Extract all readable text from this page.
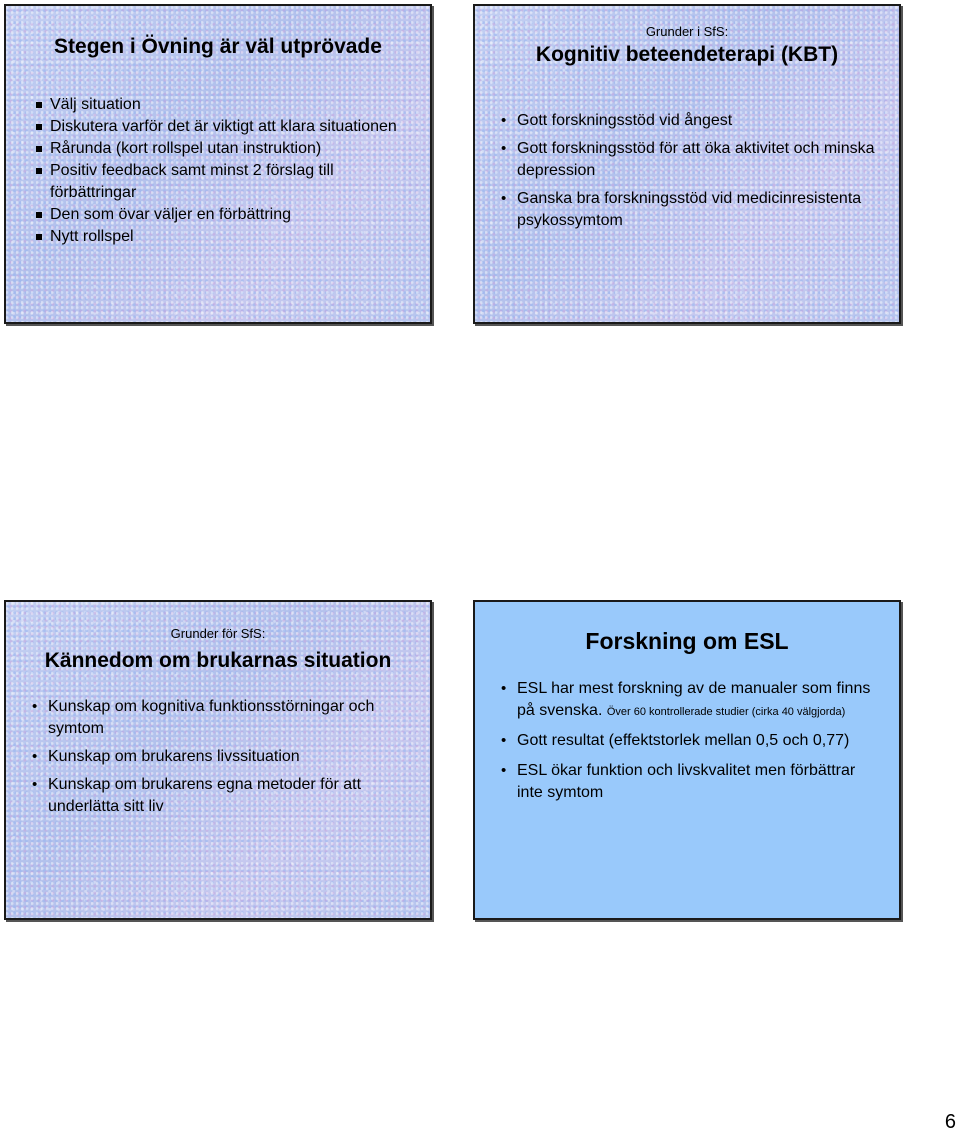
Stegen i Övning är väl utprövade
Välj situation
Diskutera varför det är viktigt att klara situationen
Rårunda (kort rollspel utan instruktion)
Positiv feedback samt minst 2 förslag till förbättringar
Den som övar väljer en förbättring
Nytt rollspel

Grunder i SfS:

Kognitiv beteendeterapi (KBT)
• Gott forskningsstöd vid ångest
• Gott forskningsstöd för att öka aktivitet och minska depression
• Ganska bra forskningsstöd vid medicinresistenta psykossymtom

Grunder för SfS:

Kännedom om brukarnas situation
• Kunskap om kognitiva funktionsstörningar och symtom
• Kunskap om brukarens livssituation
• Kunskap om brukarens egna metoder för att underlätta sitt liv
Forskning om ESL
• ESL har mest forskning av de manualer som finns på svenska. Över 60 kontrollerade studier (cirka 40 välgjorda)
• Gott resultat (effektstorlek mellan 0,5 och 0,77)
• ESL ökar funktion och livskvalitet men förbättrar inte symtom
6
